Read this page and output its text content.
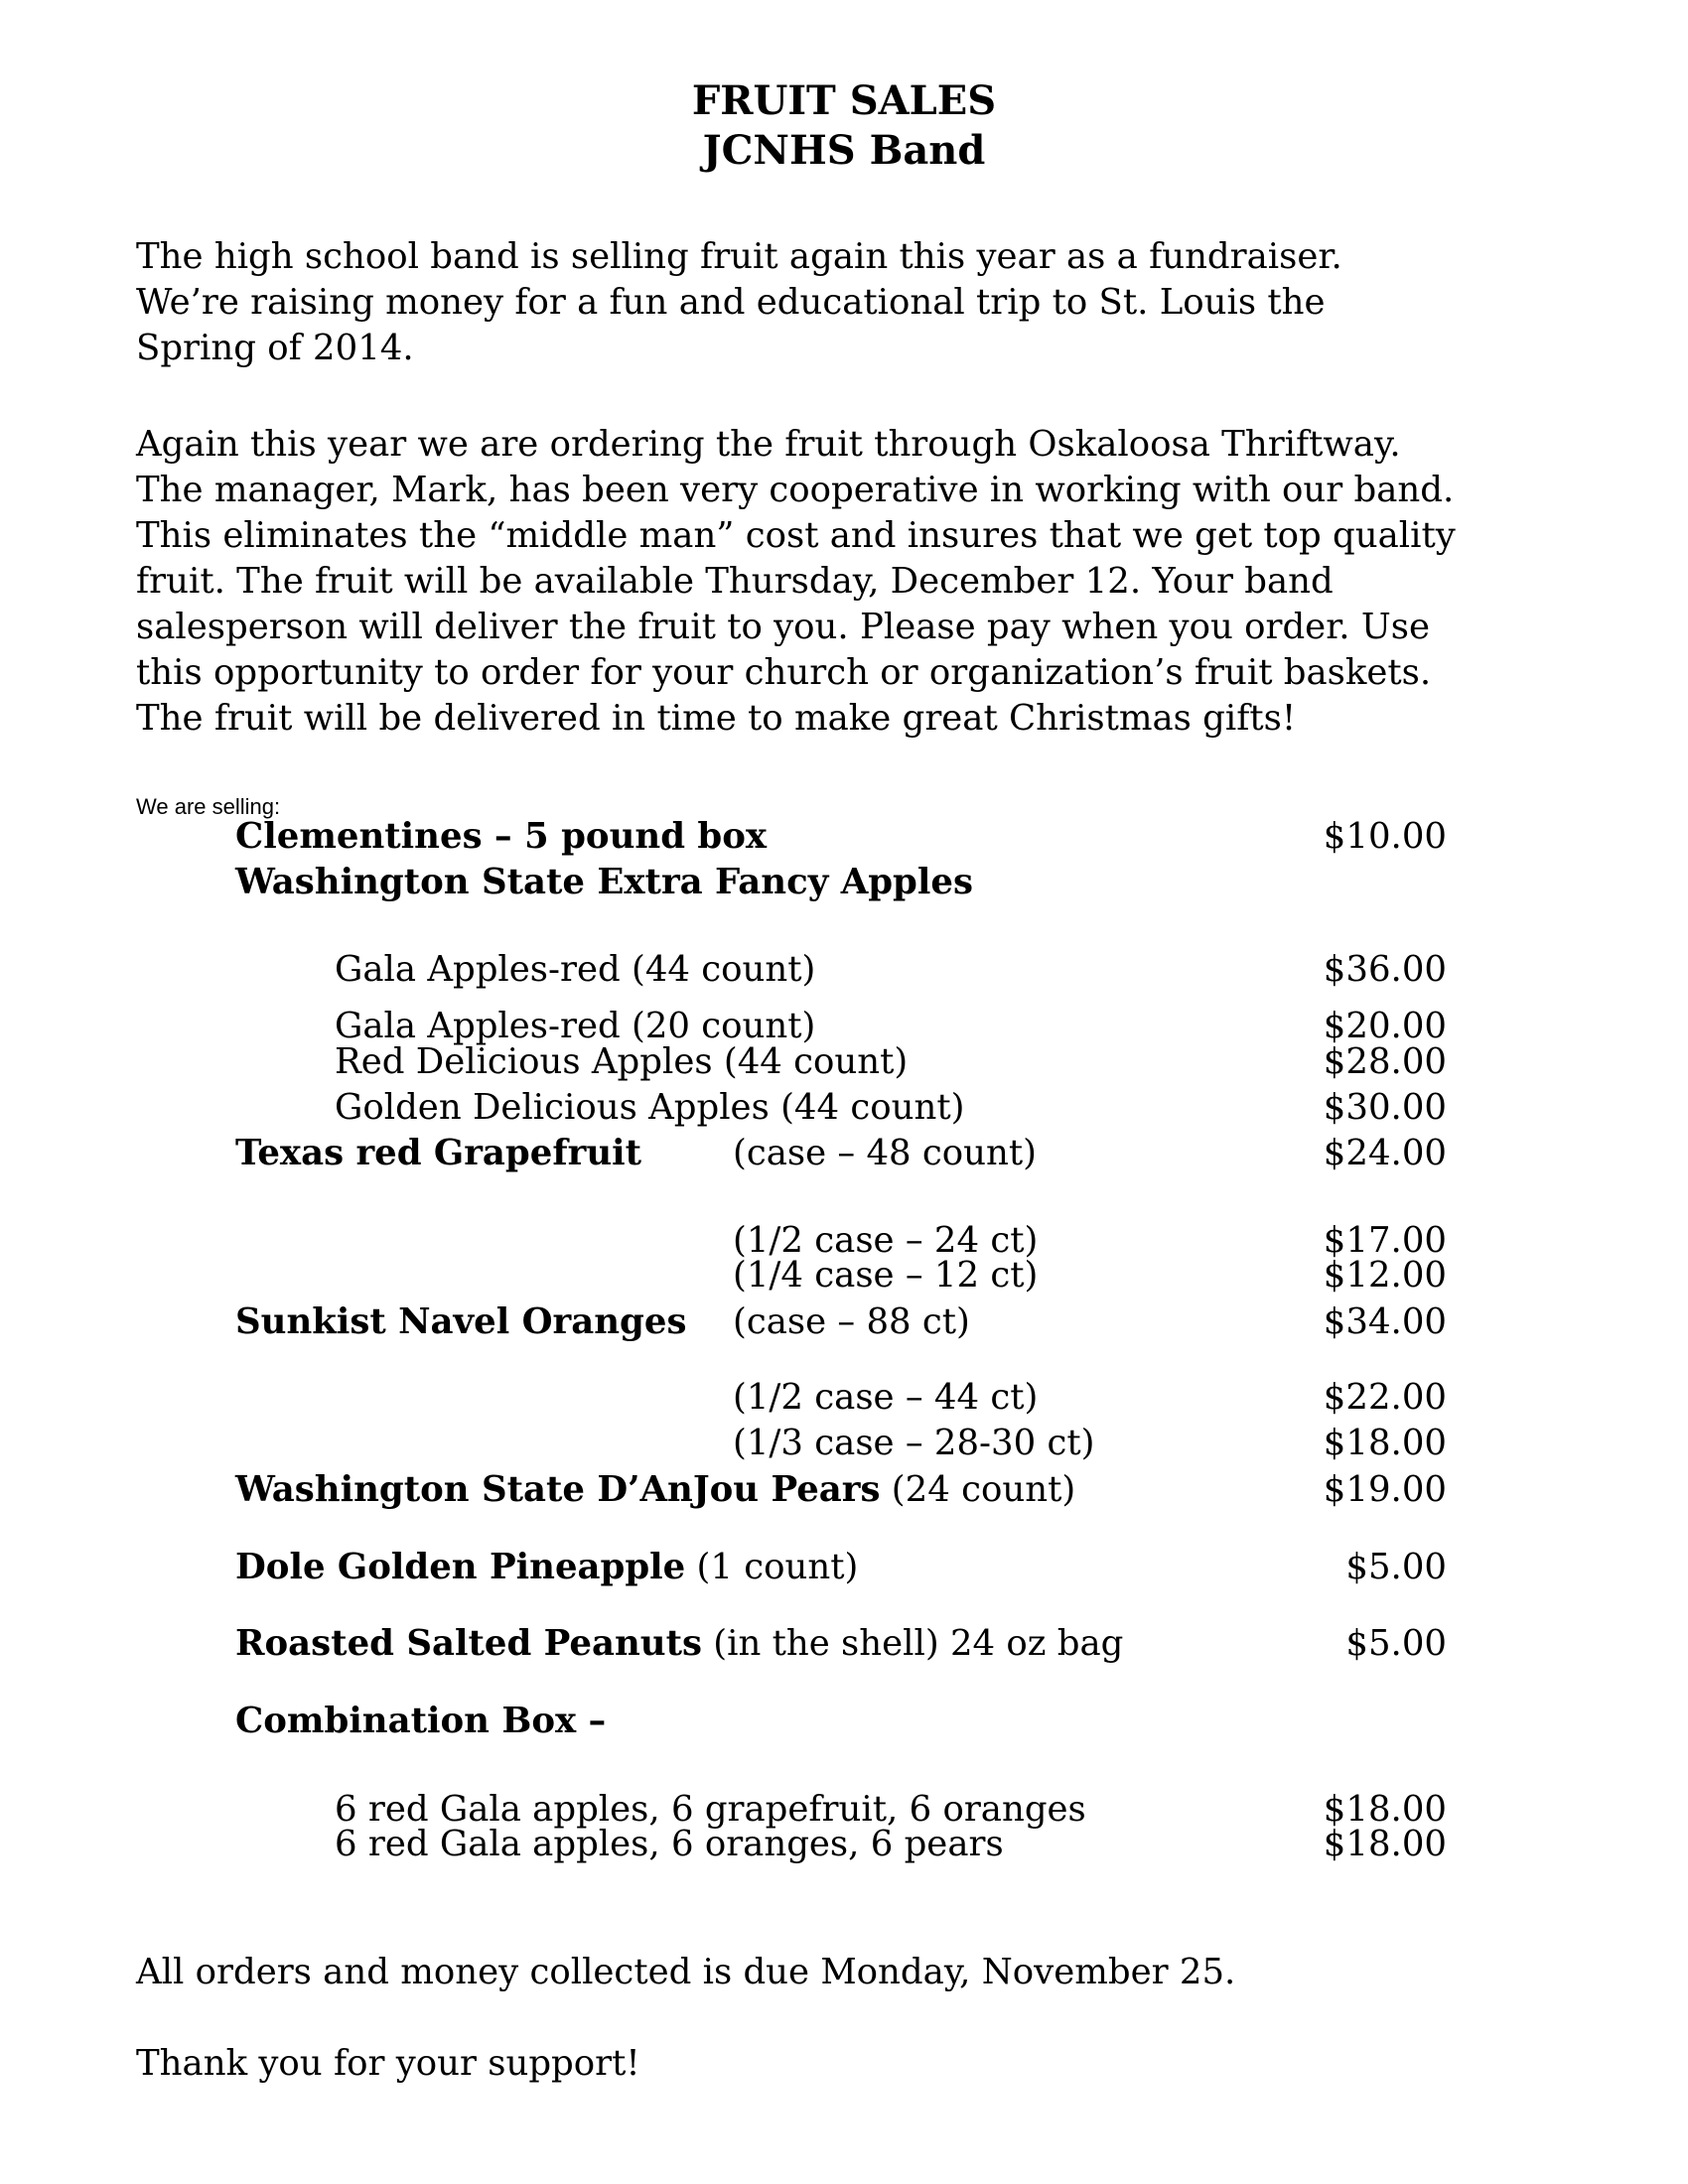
FRUIT SALES
JCNHS Band
The high school band is selling fruit again this year as a fundraiser.
We’re raising money for a fun and educational trip to St. Louis the
Spring of 2014.
Again this year we are ordering the fruit through Oskaloosa Thriftway.
The manager, Mark, has been very cooperative in working with our band.
This eliminates the “middle man” cost and insures that we get top quality
fruit. The fruit will be available Thursday, December 12. Your band
salesperson will deliver the fruit to you. Please pay when you order. Use
this opportunity to order for your church or organization’s fruit baskets.
The fruit will be delivered in time to make great Christmas gifts!
We are selling:
Clementines – 5 pound box	$10.00
Washington State Extra Fancy Apples
Gala Apples-red (44 count)	$36.00
Gala Apples-red (20 count)	$20.00
Red Delicious Apples (44 count)	$28.00
Golden Delicious Apples (44 count)	$30.00
Texas red Grapefruit	(case – 48 count)	$24.00
(1/2 case – 24 ct)	$17.00
(1/4 case – 12 ct)	$12.00
Sunkist Navel Oranges (case – 88 ct)	$34.00
(1/2 case – 44 ct)	$22.00
(1/3 case – 28-30 ct)	$18.00
Washington State D’AnJou Pears (24 count)	$19.00
Dole Golden Pineapple (1 count)	$5.00
Roasted Salted Peanuts (in the shell) 24 oz bag	$5.00
Combination Box –
6 red Gala apples, 6 grapefruit, 6 oranges	$18.00
6 red Gala apples, 6 oranges, 6 pears	$18.00
All orders and money collected is due Monday, November 25.
Thank you for your support!
